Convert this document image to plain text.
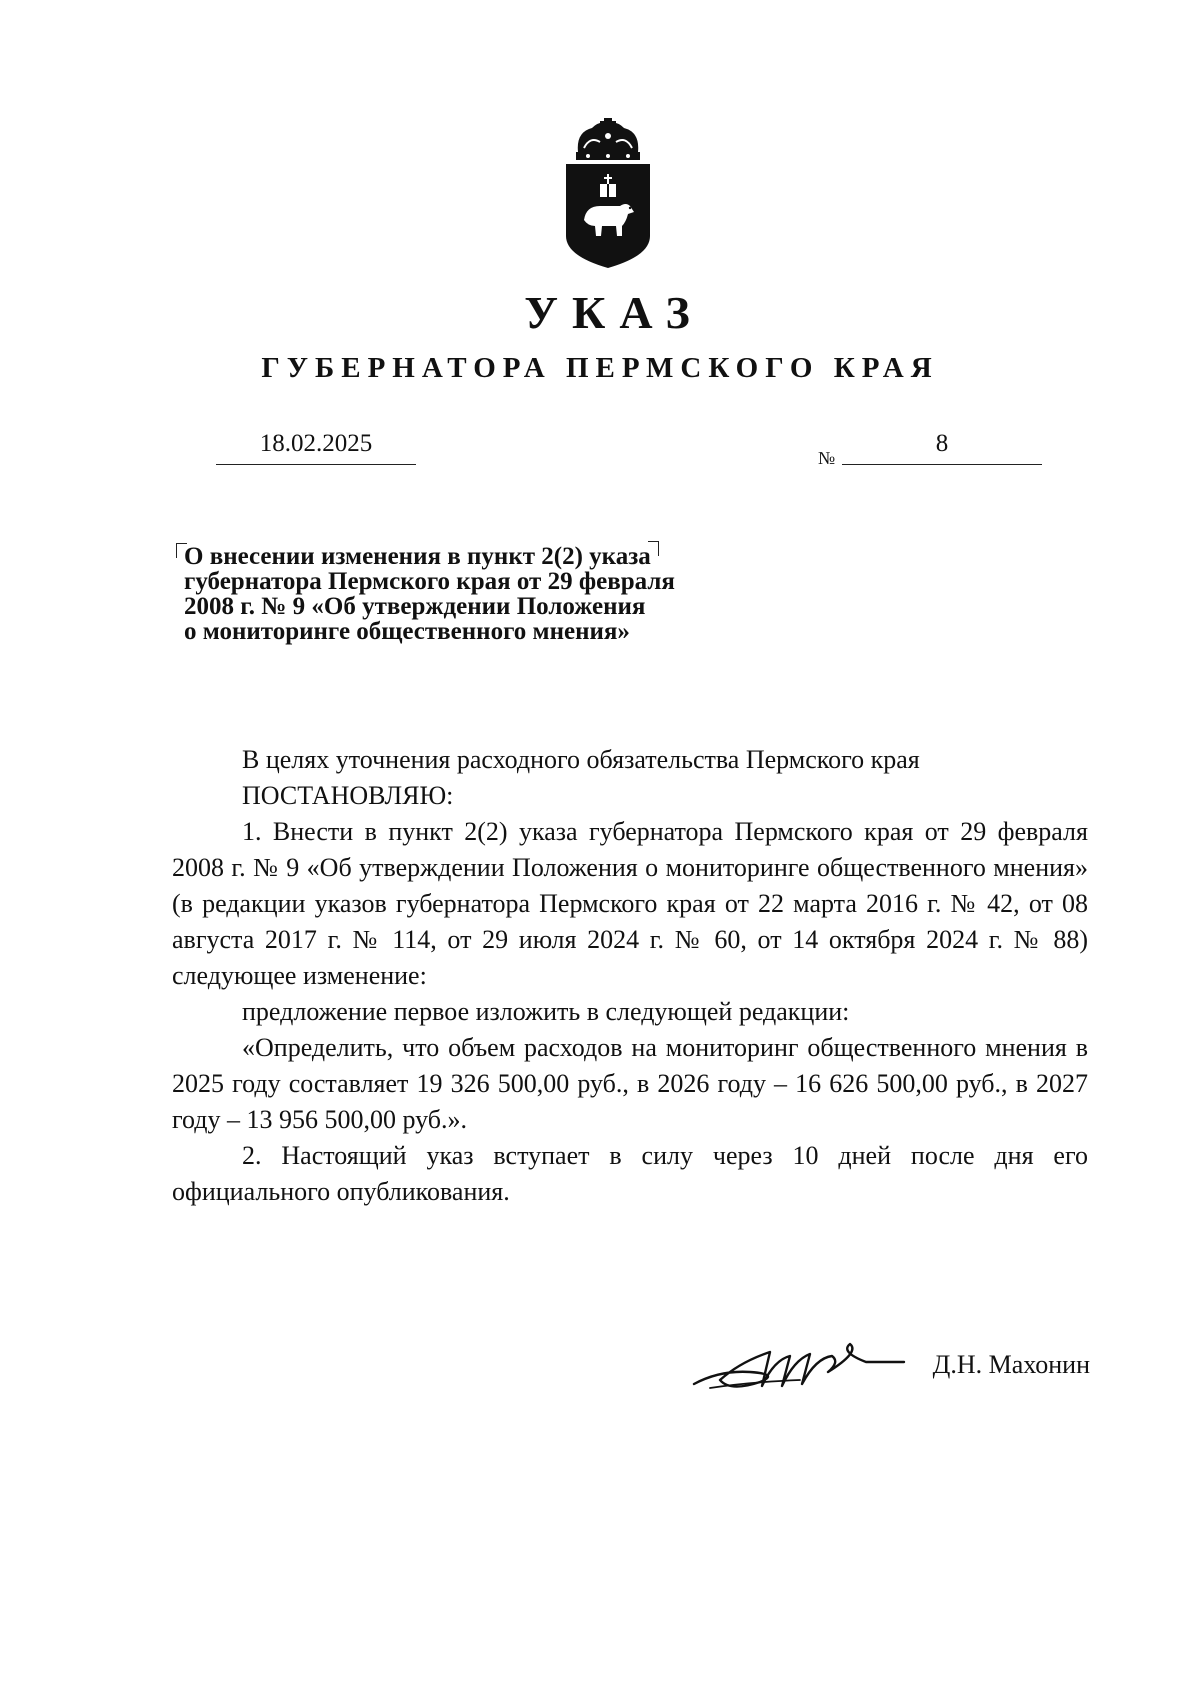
УКАЗ
ГУБЕРНАТОРА ПЕРМСКОГО КРАЯ
18.02.2025
№
8
О внесении изменения в пункт 2(2) указа
губернатора Пермского края от 29 февраля
2008 г. № 9 «Об утверждении Положения
о мониторинге общественного мнения»

В целях уточнения расходного обязательства Пермского края

ПОСТАНОВЛЯЮ:

1. Внести в пункт 2(2) указа губернатора Пермского края от 29 февраля 2008 г. № 9 «Об утверждении Положения о мониторинге общественного мнения» (в редакции указов губернатора Пермского края от 22 марта 2016 г. № 42, от 08 августа 2017 г. № 114, от 29 июля 2024 г. № 60, от 14 октября 2024 г. № 88) следующее изменение:

предложение первое изложить в следующей редакции:

«Определить, что объем расходов на мониторинг общественного мнения в 2025 году составляет 19 326 500,00 руб., в 2026 году – 16 626 500,00 руб., в 2027 году – 13 956 500,00 руб.».

2. Настоящий указ вступает в силу через 10 дней после дня его официального опубликования.

Д.Н. Махонин
